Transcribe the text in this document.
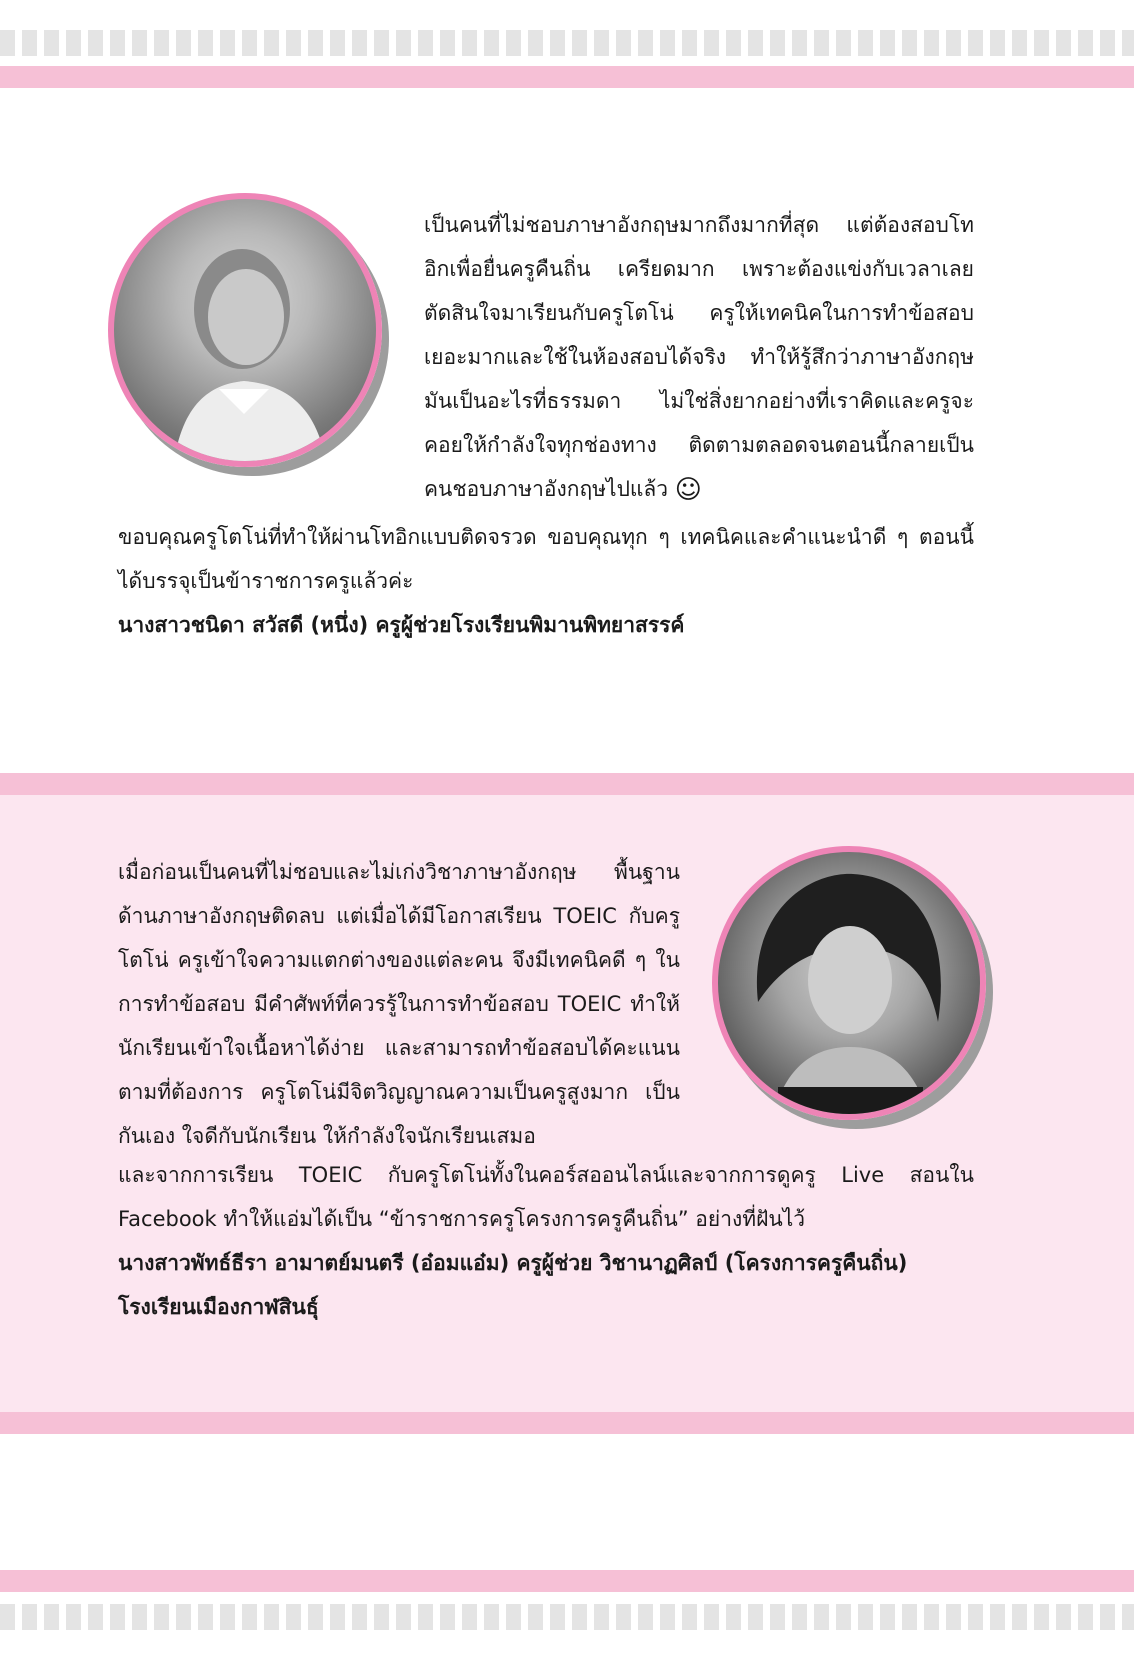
เป็นคนที่ไม่ชอบภาษาอังกฤษมากถึงมากที่สุด แต่ต้องสอบโทอิกเพื่อยื่นครูคืนถิ่น เครียดมาก เพราะต้องแข่งกับเวลาเลยตัดสินใจมาเรียนกับครูโตโน่ ครูให้เทคนิคในการทำข้อสอบเยอะมากและใช้ในห้องสอบได้จริง ทำให้รู้สึกว่าภาษาอังกฤษมันเป็นอะไรที่ธรรมดา ไม่ใช่สิ่งยากอย่างที่เราคิดและครูจะคอยให้กำลังใจทุกช่องทาง ติดตามตลอดจนตอนนี้กลายเป็นคนชอบภาษาอังกฤษไปแล้ว ☺

ขอบคุณครูโตโน่ที่ทำให้ผ่านโทอิกแบบติดจรวด ขอบคุณทุก ๆ เทคนิคและคำแนะนำดี ๆ ตอนนี้ได้บรรจุเป็นข้าราชการครูแล้วค่ะ

นางสาวชนิดา สวัสดี (หนึ่ง) ครูผู้ช่วยโรงเรียนพิมานพิทยาสรรค์

เมื่อก่อนเป็นคนที่ไม่ชอบและไม่เก่งวิชาภาษาอังกฤษ พื้นฐานด้านภาษาอังกฤษติดลบ แต่เมื่อได้มีโอกาสเรียน TOEIC กับครูโตโน่ ครูเข้าใจความแตกต่างของแต่ละคน จึงมีเทคนิคดี ๆ ในการทำข้อสอบ มีคำศัพท์ที่ควรรู้ในการทำข้อสอบ TOEIC ทำให้นักเรียนเข้าใจเนื้อหาได้ง่าย และสามารถทำข้อสอบได้คะแนนตามที่ต้องการ ครูโตโน่มีจิตวิญญาณความเป็นครูสูงมาก เป็นกันเอง ใจดีกับนักเรียน ให้กำลังใจนักเรียนเสมอ

และจากการเรียน TOEIC กับครูโตโน่ทั้งในคอร์สออนไลน์และจากการดูครู Live สอนใน Facebook ทำให้แอ่มได้เป็น “ข้าราชการครูโครงการครูคืนถิ่น” อย่างที่ฝันไว้

นางสาวพัทธ์ธีรา อามาตย์มนตรี (อ๋อมแอ๋ม) ครูผู้ช่วย วิชานาฏศิลป์ (โครงการครูคืนถิ่น) โรงเรียนเมืองกาฬสินธุ์
